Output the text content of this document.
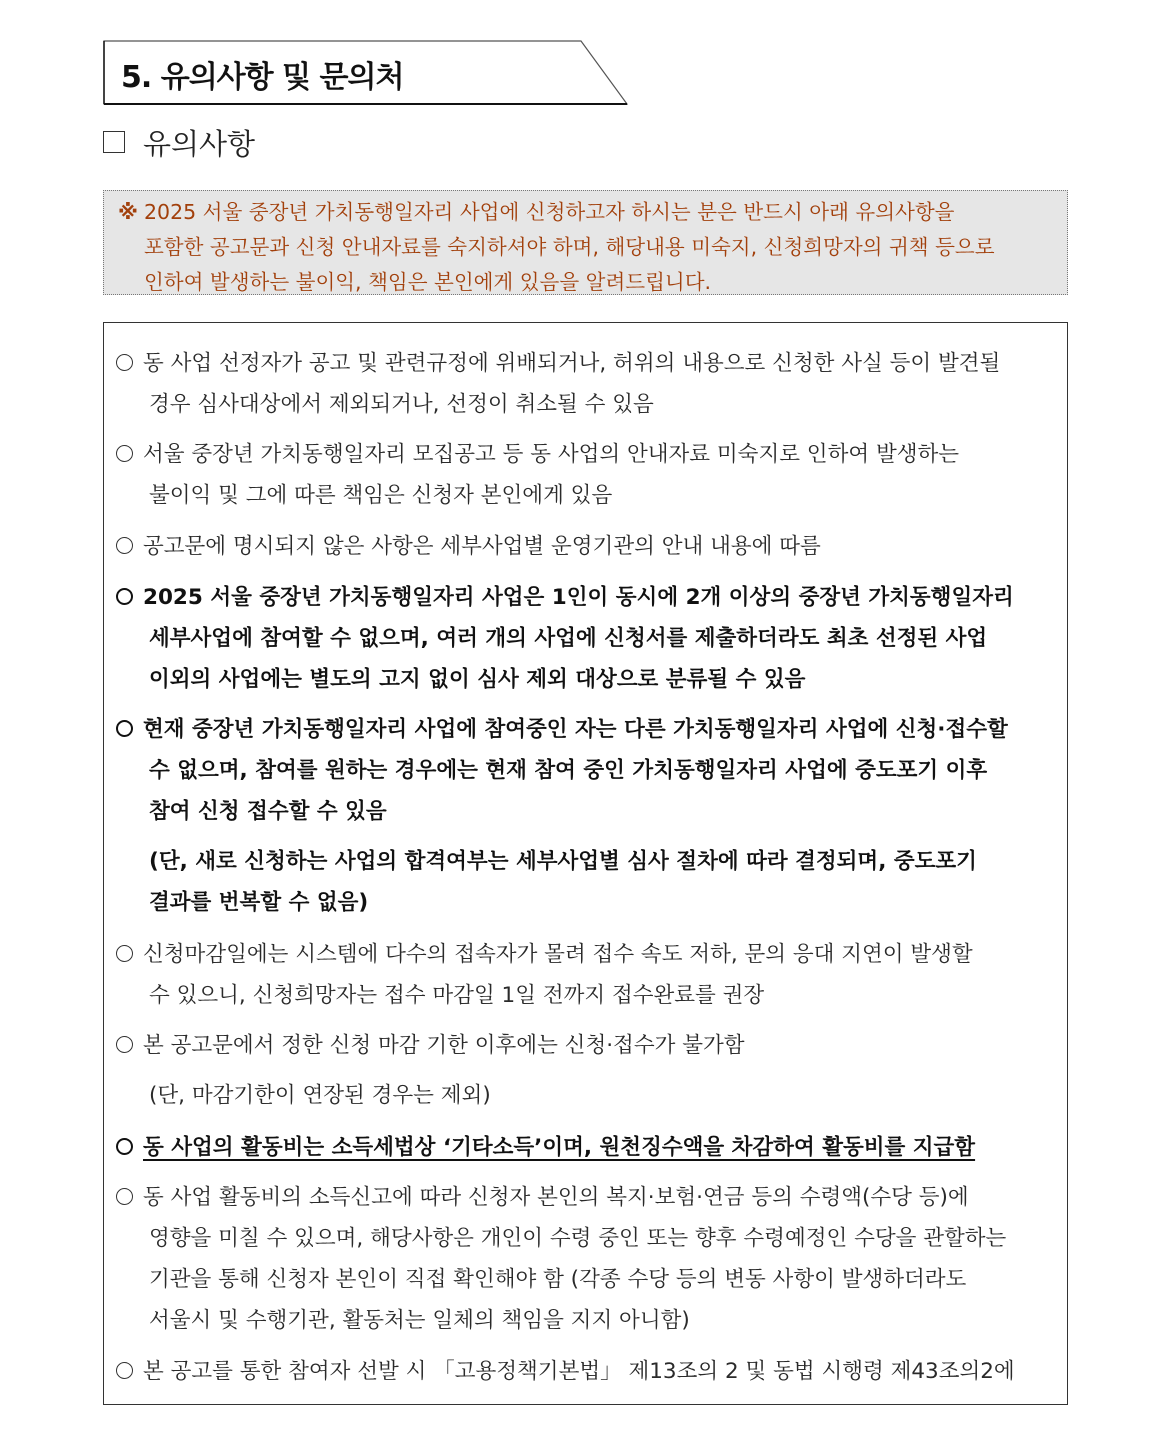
5. 유의사항 및 문의처
유의사항
※ 2025 서울 중장년 가치동행일자리 사업에 신청하고자 하시는 분은 반드시 아래 유의사항을
포함한 공고문과 신청 안내자료를 숙지하셔야 하며, 해당내용 미숙지, 신청희망자의 귀책 등으로
인하여 발생하는 불이익, 책임은 본인에게 있음을 알려드립니다.
동 사업 선정자가 공고 및 관련규정에 위배되거나, 허위의 내용으로 신청한 사실 등이 발견될
경우 심사대상에서 제외되거나, 선정이 취소될 수 있음
서울 중장년 가치동행일자리 모집공고 등 동 사업의 안내자료 미숙지로 인하여 발생하는
불이익 및 그에 따른 책임은 신청자 본인에게 있음
공고문에 명시되지 않은 사항은 세부사업별 운영기관의 안내 내용에 따름
2025 서울 중장년 가치동행일자리 사업은 1인이 동시에 2개 이상의 중장년 가치동행일자리
세부사업에 참여할 수 없으며, 여러 개의 사업에 신청서를 제출하더라도 최초 선정된 사업
이외의 사업에는 별도의 고지 없이 심사 제외 대상으로 분류될 수 있음
현재 중장년 가치동행일자리 사업에 참여중인 자는 다른 가치동행일자리 사업에 신청·접수할
수 없으며, 참여를 원하는 경우에는 현재 참여 중인 가치동행일자리 사업에 중도포기 이후
참여 신청 접수할 수 있음
(단, 새로 신청하는 사업의 합격여부는 세부사업별 심사 절차에 따라 결정되며, 중도포기
결과를 번복할 수 없음)
신청마감일에는 시스템에 다수의 접속자가 몰려 접수 속도 저하, 문의 응대 지연이 발생할
수 있으니, 신청희망자는 접수 마감일 1일 전까지 접수완료를 권장
본 공고문에서 정한 신청 마감 기한 이후에는 신청·접수가 불가함
(단, 마감기한이 연장된 경우는 제외)
동 사업의 활동비는 소득세법상 ‘기타소득’이며, 원천징수액을 차감하여 활동비를 지급함
동 사업 활동비의 소득신고에 따라 신청자 본인의 복지·보험·연금 등의 수령액(수당 등)에
영향을 미칠 수 있으며, 해당사항은 개인이 수령 중인 또는 향후 수령예정인 수당을 관할하는
기관을 통해 신청자 본인이 직접 확인해야 함 (각종 수당 등의 변동 사항이 발생하더라도
서울시 및 수행기관, 활동처는 일체의 책임을 지지 아니함)
본 공고를 통한 참여자 선발 시 「고용정책기본법」 제13조의 2 및 동법 시행령 제43조의2에
